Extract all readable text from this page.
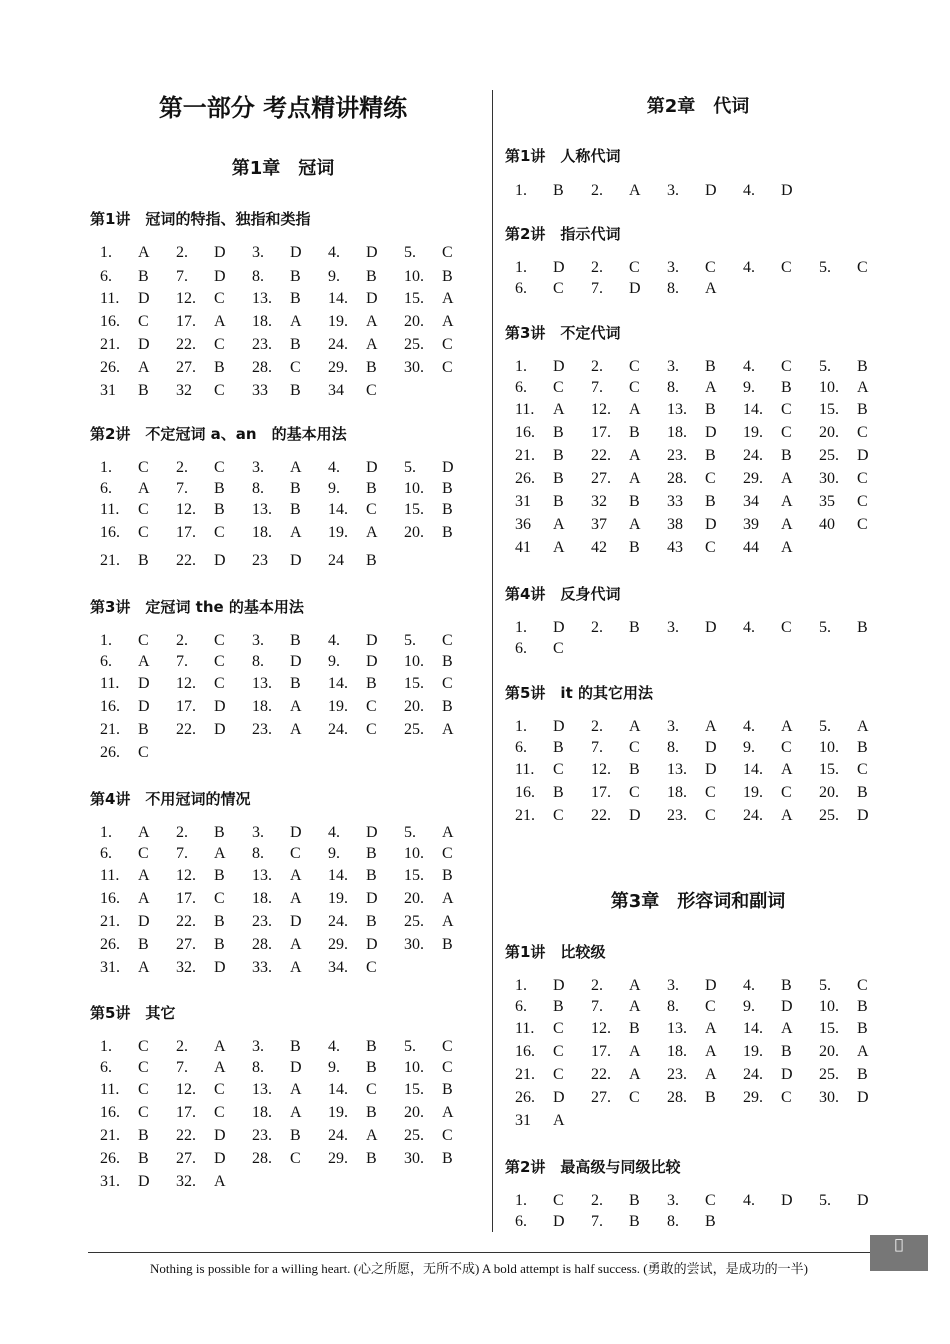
第一部分 考点精讲精练
第1章　冠词
第1讲　冠词的特指、独指和类指
1. A 2. D 3. D 4. D 5. C
6. B 7. D 8. B 9. B 10. B
11. D 12. C 13. B 14. D 15. A
16. C 17. A 18. A 19. A 20. A
21. D 22. C 23. B 24. A 25. C
26. A 27. B 28. C 29. B 30. C
31 B 32 C 33 B 34 C
第2讲　不定冠词 a、an　的基本用法
1. C 2. C 3. A 4. D 5. D
6. A 7. B 8. B 9. B 10. B
11. C 12. B 13. B 14. C 15. B
16. C 17. C 18. A 19. A 20. B
21. B 22. D 23 D 24 B
第3讲　定冠词 the 的基本用法
1. C 2. C 3. B 4. D 5. C
6. A 7. C 8. D 9. D 10. B
11. D 12. C 13. B 14. B 15. C
16. D 17. D 18. A 19. C 20. B
21. B 22. D 23. A 24. C 25. A
26. C
第4讲　不用冠词的情况
1. A 2. B 3. D 4. D 5. A
6. C 7. A 8. C 9. B 10. C
11. A 12. B 13. A 14. B 15. B
16. A 17. C 18. A 19. D 20. A
21. D 22. B 23. D 24. B 25. A
26. B 27. B 28. A 29. D 30. B
31. A 32. D 33. A 34. C
第5讲　其它
1. C 2. A 3. B 4. B 5. C
6. C 7. A 8. D 9. B 10. C
11. C 12. C 13. A 14. C 15. B
16. C 17. C 18. A 19. B 20. A
21. B 22. D 23. B 24. A 25. C
26. B 27. D 28. C 29. B 30. B
31. D 32. A
第2章　代词
第1讲　人称代词
1. B 2. A 3. D 4. D
第2讲　指示代词
1. D 2. C 3. C 4. C 5. C
6. C 7. D 8. A
第3讲　不定代词
1. D 2. C 3. B 4. C 5. B
6. C 7. C 8. A 9. B 10. A
11. A 12. A 13. B 14. C 15. B
16. B 17. B 18. D 19. C 20. C
21. B 22. A 23. B 24. B 25. D
26. B 27. A 28. C 29. A 30. C
31 B 32 B 33 B 34 A 35 C
36 A 37 A 38 D 39 A 40 C
41 A 42 B 43 C 44 A
第4讲　反身代词
1. D 2. B 3. D 4. C 5. B
6. C
第5讲　it 的其它用法
1. D 2. A 3. A 4. A 5. A
6. B 7. C 8. D 9. C 10. B
11. C 12. B 13. D 14. A 15. C
16. B 17. C 18. C 19. C 20. B
21. C 22. D 23. C 24. A 25. D
第3章　形容词和副词
第1讲　比较级
1. D 2. A 3. D 4. B 5. C
6. B 7. A 8. C 9. D 10. B
11. C 12. B 13. A 14. A 15. B
16. C 17. A 18. A 19. B 20. A
21. C 22. A 23. A 24. D 25. B
26. D 27. C 28. B 29. C 30. D
31 A
第2讲　最高级与同级比较
1. C 2. B 3. C 4. D 5. D
6. D 7. B 8. B
Nothing is possible for a willing heart. (心之所愿，无所不成) A bold attempt is half success. (勇敢的尝试，是成功的一半)
󰀀
